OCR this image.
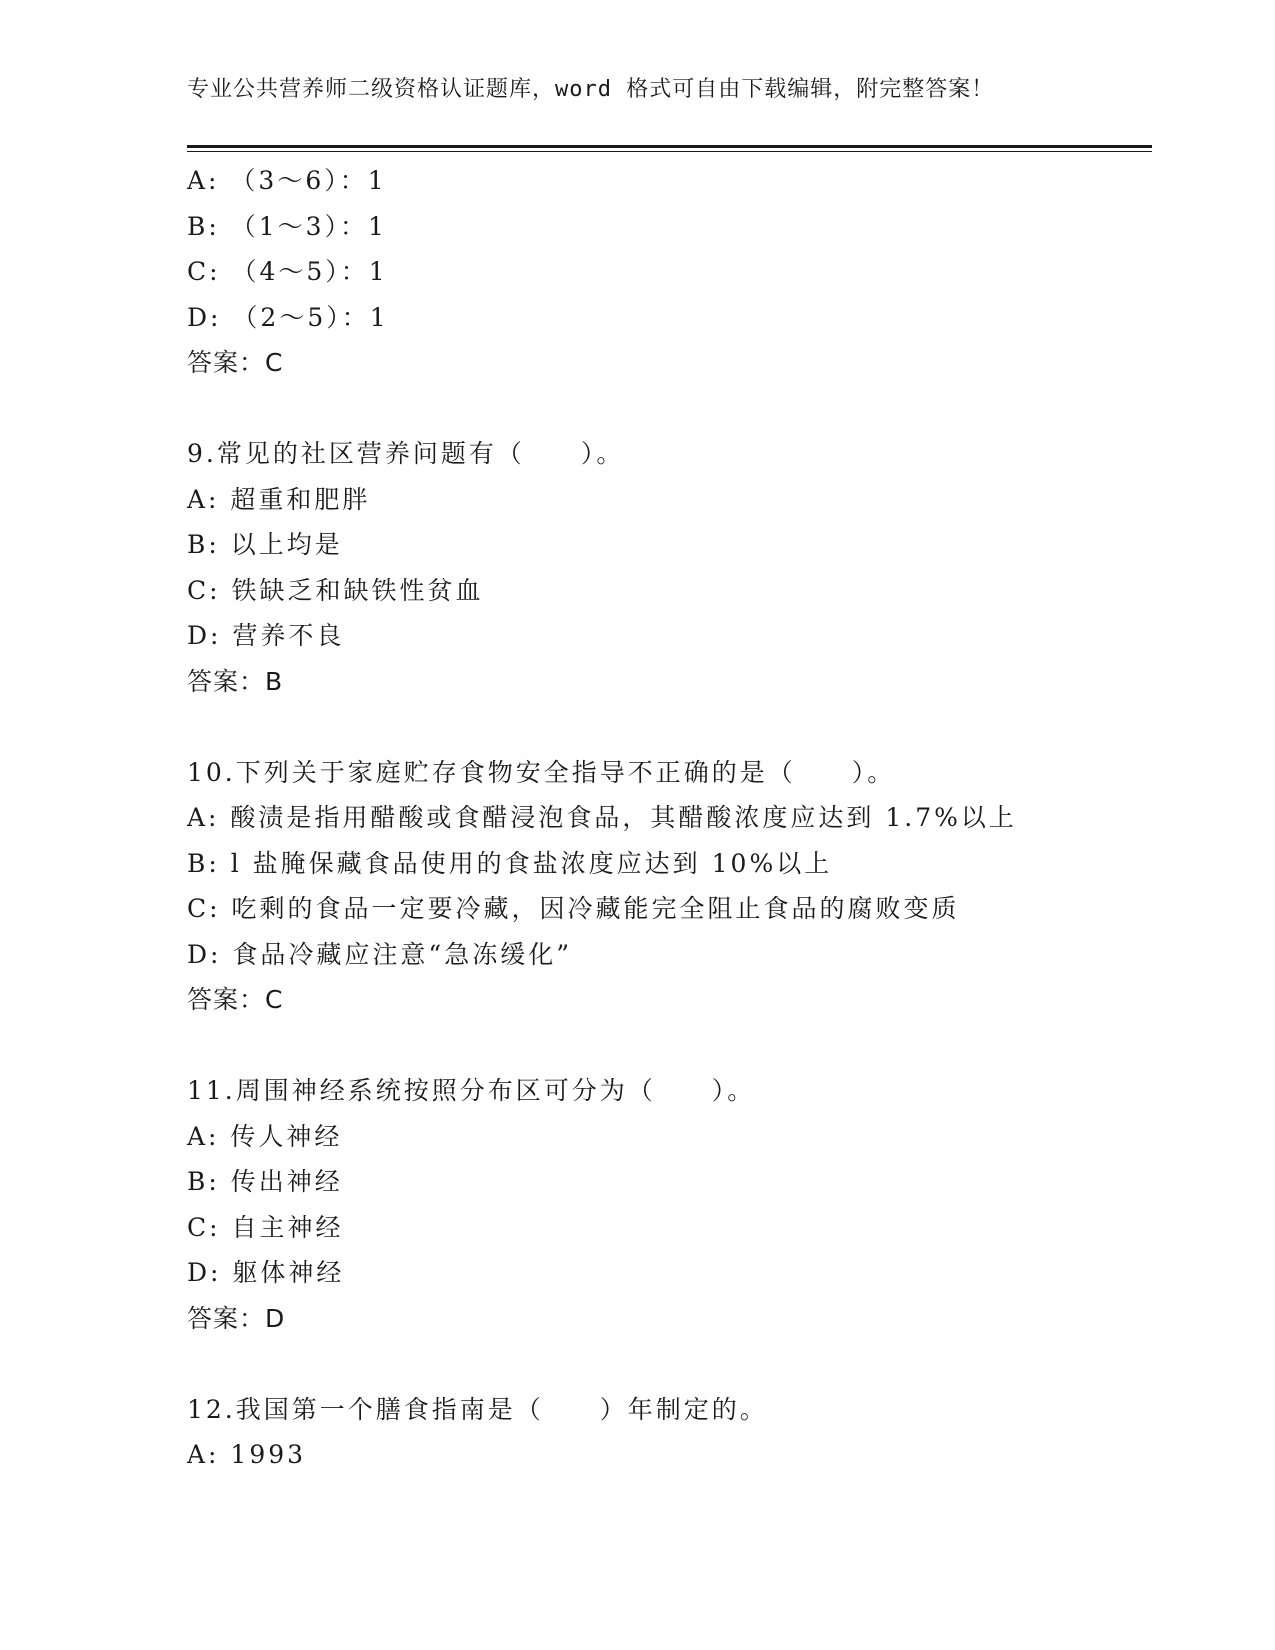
专业公共营养师二级资格认证题库，word 格式可自由下载编辑，附完整答案！
A: （3～6）：1
B: （1～3）：1
C: （4～5）：1
D: （2～5）：1
答案：C
9.常见的社区营养问题有（　　）。
A: 超重和肥胖
B: 以上均是
C: 铁缺乏和缺铁性贫血
D: 营养不良
答案：B
10.下列关于家庭贮存食物安全指导不正确的是（　　）。
A: 酸渍是指用醋酸或食醋浸泡食品，其醋酸浓度应达到 1.7%以上
B: l 盐腌保藏食品使用的食盐浓度应达到 10%以上
C: 吃剩的食品一定要冷藏，因冷藏能完全阻止食品的腐败变质
D: 食品冷藏应注意“急冻缓化”
答案：C
11.周围神经系统按照分布区可分为（　　）。
A: 传人神经
B: 传出神经
C: 自主神经
D: 躯体神经
答案：D
12.我国第一个膳食指南是（　　）年制定的。
A: 1993
